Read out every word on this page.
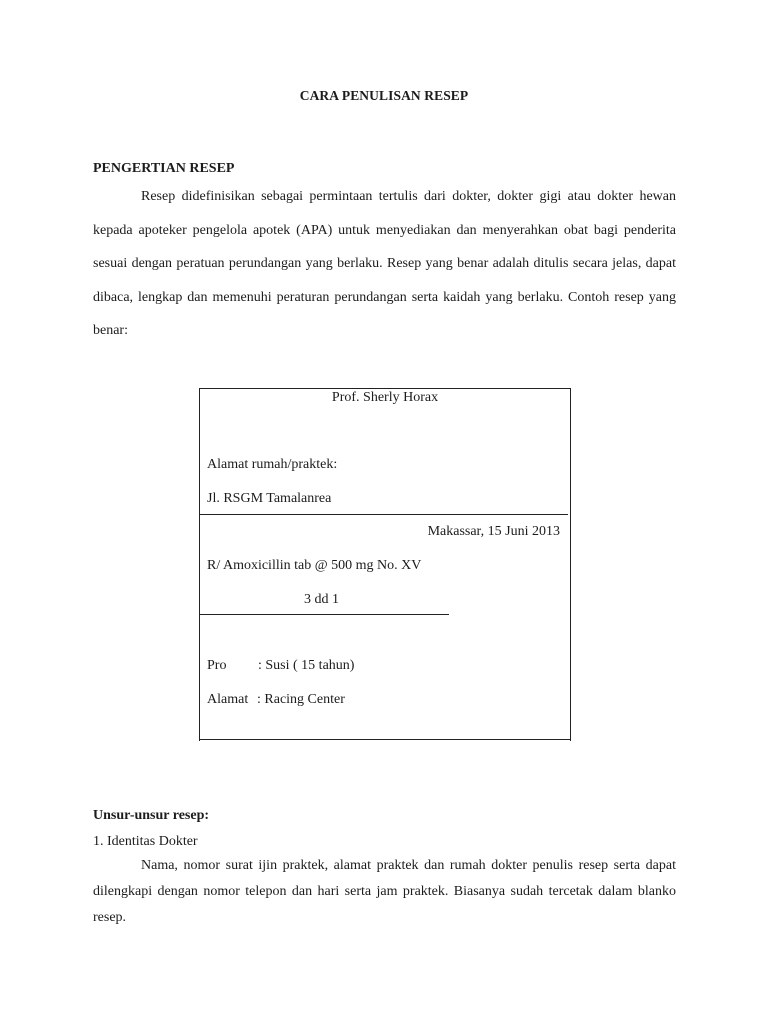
CARA PENULISAN RESEP
PENGERTIAN RESEP

Resep didefinisikan sebagai permintaan tertulis dari dokter, dokter gigi atau dokter hewan kepada apoteker pengelola apotek (APA) untuk menyediakan dan menyerahkan obat bagi penderita sesuai dengan peratuan perundangan yang berlaku. Resep yang benar adalah ditulis secara jelas, dapat dibaca, lengkap dan memenuhi peraturan perundangan serta kaidah yang berlaku. Contoh resep yang benar:

Prof. Sherly Horax
Alamat rumah/praktek:
Jl. RSGM Tamalanrea
Makassar, 15 Juni 2013
R/ Amoxicillin tab @ 500 mg No. XV
3 dd 1
Pro : Susi ( 15 tahun)
Alamat : Racing Center
Unsur-unsur resep:
1. Identitas Dokter

Nama, nomor surat ijin praktek, alamat praktek dan rumah dokter penulis resep serta dapat dilengkapi dengan nomor telepon dan hari serta jam praktek. Biasanya sudah tercetak dalam blanko resep.
